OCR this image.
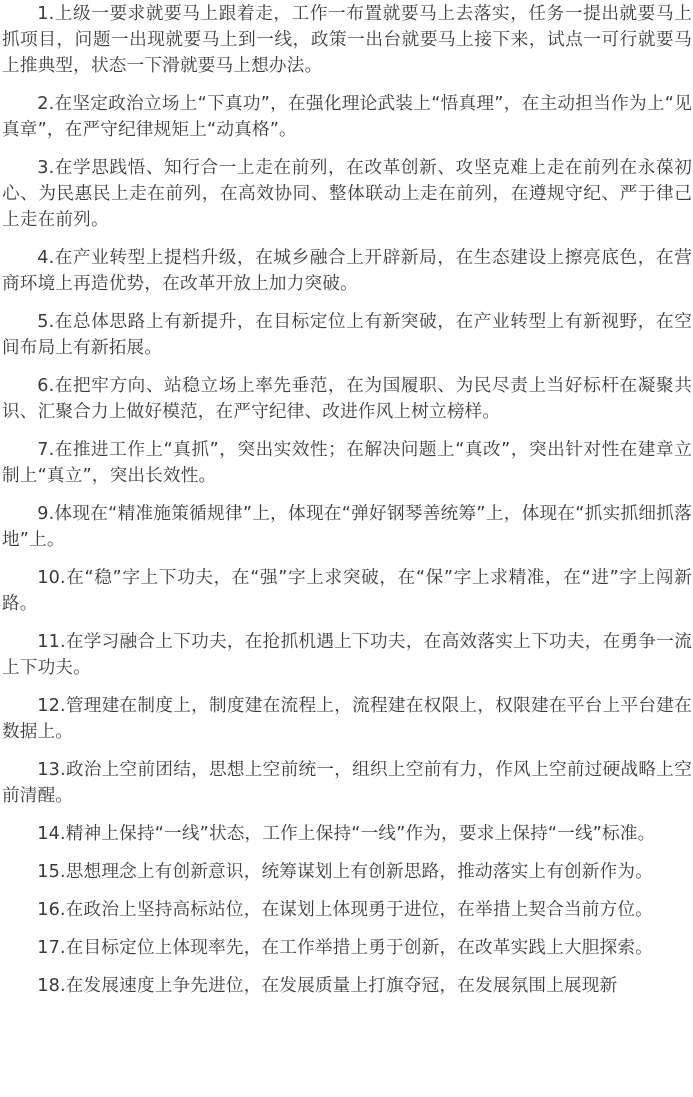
1.上级一要求就要马上跟着走，工作一布置就要马上去落实，任务一提出就要马上抓项目，问题一出现就要马上到一线，政策一出台就要马上接下来，试点一可行就要马上推典型，状态一下滑就要马上想办法。

2.在坚定政治立场上“下真功”，在强化理论武装上“悟真理”，在主动担当作为上“见真章”，在严守纪律规矩上“动真格”。

3.在学思践悟、知行合一上走在前列，在改革创新、攻坚克难上走在前列在永葆初心、为民惠民上走在前列，在高效协同、整体联动上走在前列，在遵规守纪、严于律己上走在前列。

4.在产业转型上提档升级，在城乡融合上开辟新局，在生态建设上擦亮底色，在营商环境上再造优势，在改革开放上加力突破。

5.在总体思路上有新提升，在目标定位上有新突破，在产业转型上有新视野，在空间布局上有新拓展。

6.在把牢方向、站稳立场上率先垂范，在为国履职、为民尽责上当好标杆在凝聚共识、汇聚合力上做好模范，在严守纪律、改进作风上树立榜样。

7.在推进工作上“真抓”，突出实效性；在解决问题上“真改”，突出针对性在建章立制上“真立”，突出长效性。

9.体现在“精准施策循规律”上，体现在“弹好钢琴善统筹”上，体现在“抓实抓细抓落地”上。

10.在“稳”字上下功夫，在“强”字上求突破，在“保”字上求精准，在“进”字上闯新路。

11.在学习融合上下功夫，在抢抓机遇上下功夫，在高效落实上下功夫，在勇争一流上下功夫。

12.管理建在制度上，制度建在流程上，流程建在权限上，权限建在平台上平台建在数据上。

13.政治上空前团结，思想上空前统一，组织上空前有力，作风上空前过硬战略上空前清醒。

14.精神上保持“一线”状态，工作上保持“一线”作为，要求上保持“一线”标准。

15.思想理念上有创新意识，统筹谋划上有创新思路，推动落实上有创新作为。

16.在政治上坚持高标站位，在谋划上体现勇于进位，在举措上契合当前方位。

17.在目标定位上体现率先，在工作举措上勇于创新，在改革实践上大胆探索。

18.在发展速度上争先进位，在发展质量上打旗夺冠，在发展氛围上展现新
